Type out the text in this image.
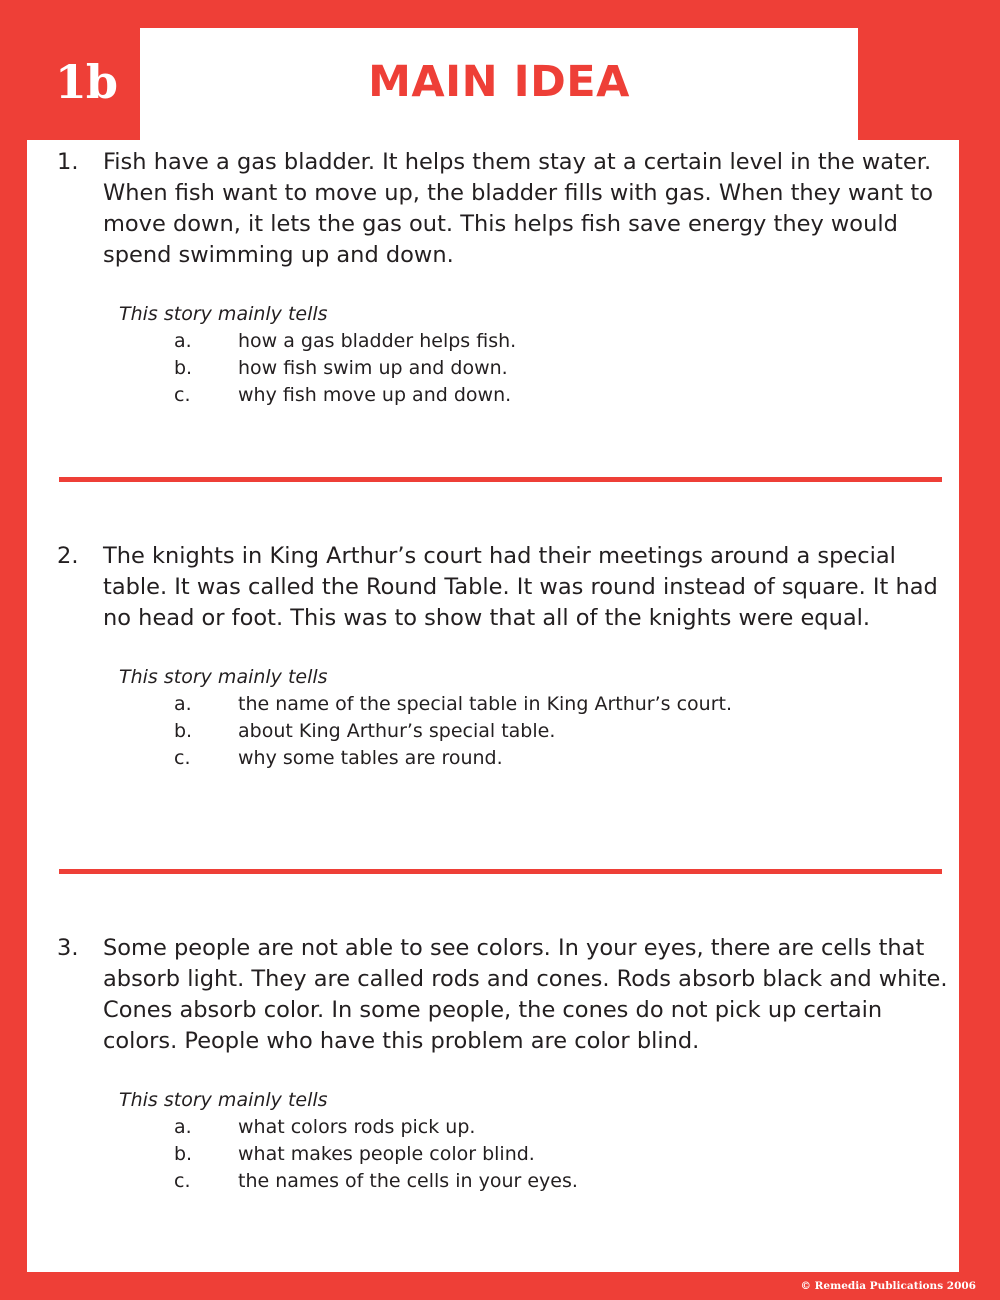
1b	MAIN IDEA
1. Fish have a gas bladder. It helps them stay at a certain level in the water. When fish want to move up, the bladder fills with gas. When they want to move down, it lets the gas out. This helps fish save energy they would spend swimming up and down.

This story mainly tells
a.	how a gas bladder helps fish.
b.	how fish swim up and down.
c.	why fish move up and down.
2. The knights in King Arthur’s court had their meetings around a special table. It was called the Round Table. It was round instead of square. It had no head or foot. This was to show that all of the knights were equal.

This story mainly tells
a.	the name of the special table in King Arthur’s court.
b.	about King Arthur’s special table.
c.	why some tables are round.
3. Some people are not able to see colors. In your eyes, there are cells that absorb light. They are called rods and cones. Rods absorb black and white. Cones absorb color. In some people, the cones do not pick up certain colors. People who have this problem are color blind.

This story mainly tells
a.	what colors rods pick up.
b.	what makes people color blind.
c.	the names of the cells in your eyes.
© Remedia Publications 2006
